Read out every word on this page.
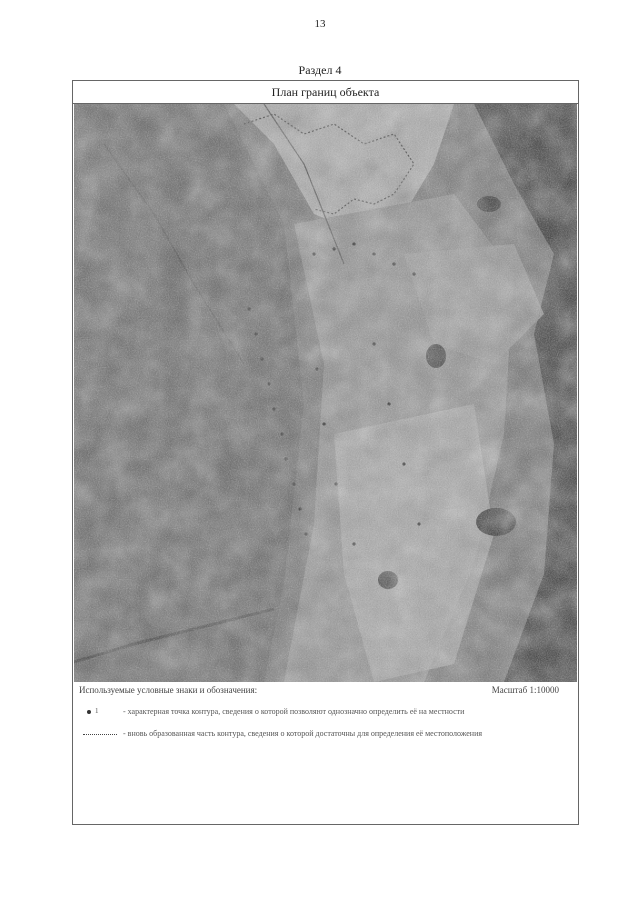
13
Раздел 4
План границ объекта
Используемые условные знаки и обозначения:	Масштаб 1:10000
1	- характерная точка контура, сведения о которой позволяют однозначно определить её на местности
- вновь образованная часть контура, сведения о которой достаточны для определения её местоположения
